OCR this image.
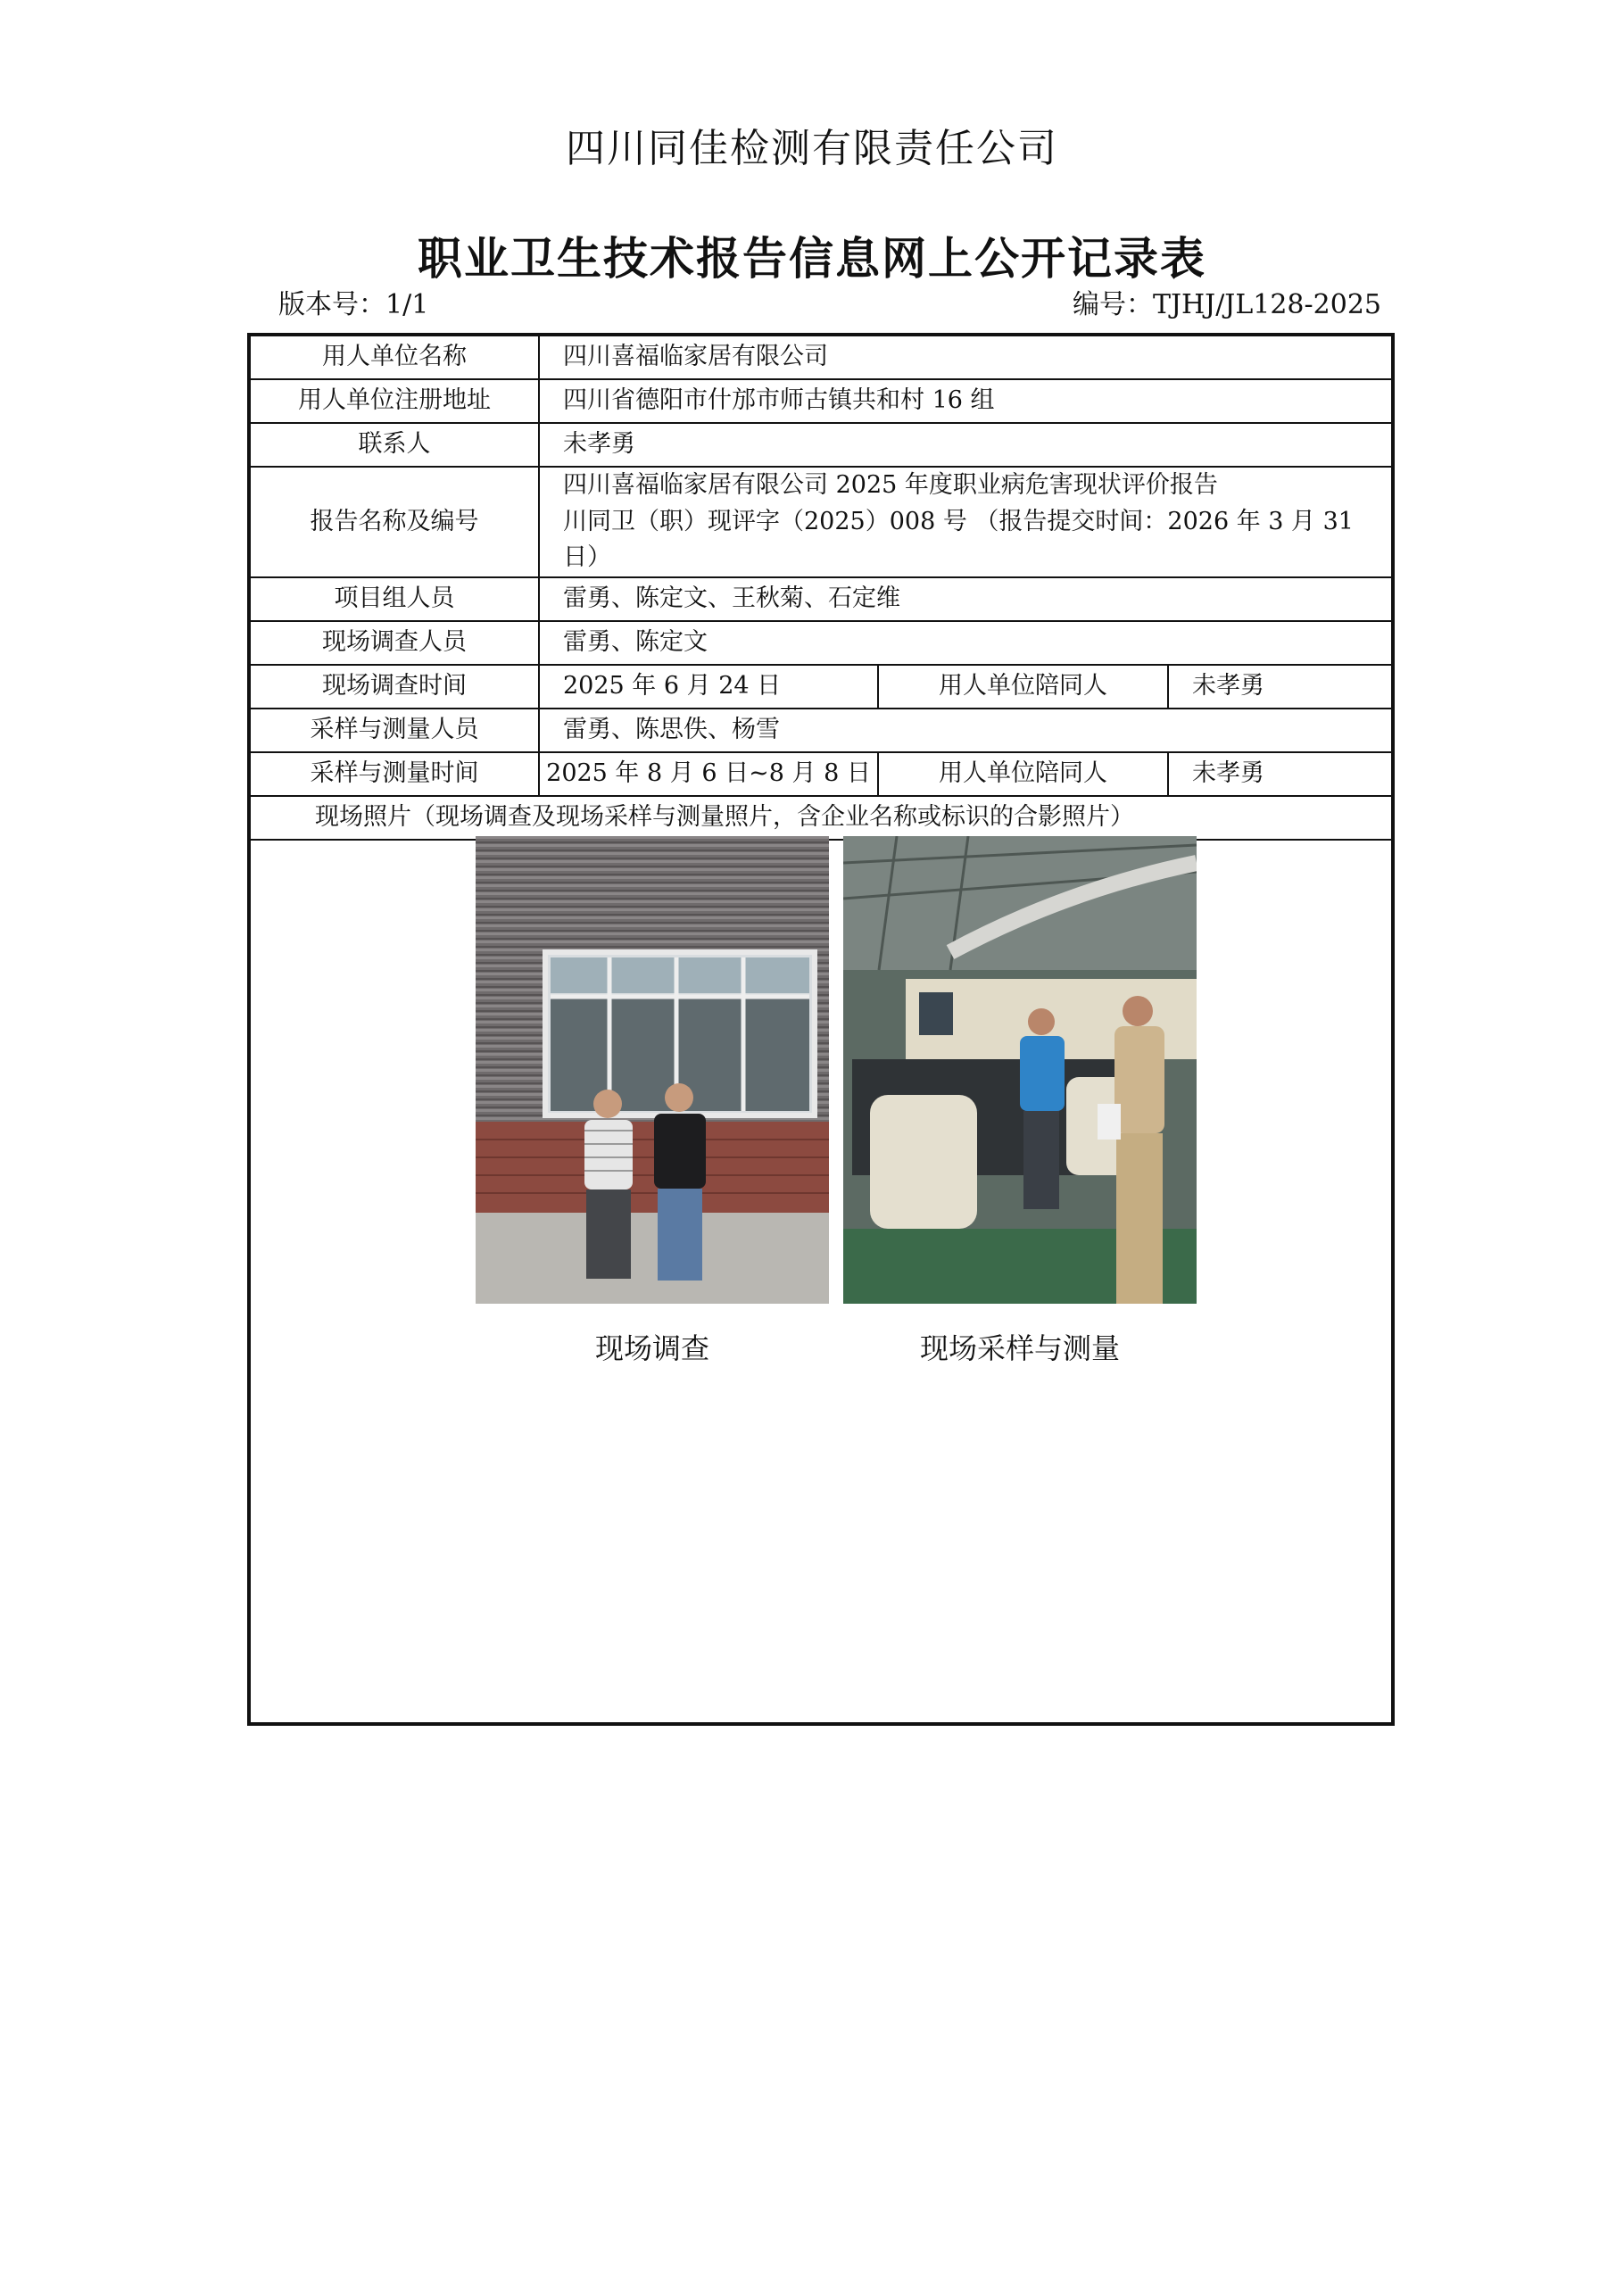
四川同佳检测有限责任公司
职业卫生技术报告信息网上公开记录表
版本号：1/1	编号：TJHJ/JL128-2025
用人单位名称	四川喜福临家居有限公司		
用人单位注册地址	四川省德阳市什邡市师古镇共和村 16 组		
联系人	未孝勇		
报告名称及编号	四川喜福临家居有限公司 2025 年度职业病危害现状评价报告
川同卫（职）现评字（2025）008 号 （报告提交时间：2026 年 3 月 31 日）		

项目组人员	雷勇、陈定文、王秋菊、石定维		
现场调查人员	雷勇、陈定文		
现场调查时间	2025 年 6 月 24 日	用人单位陪同人	未孝勇
采样与测量人员	雷勇、陈思佚、杨雪		
采样与测量时间	2025 年 8 月 6 日~8 月 8 日	用人单位陪同人	未孝勇
现场照片（现场调查及现场采样与测量照片，含企业名称或标识的合影照片）			

现场调查	现场采样与测量
